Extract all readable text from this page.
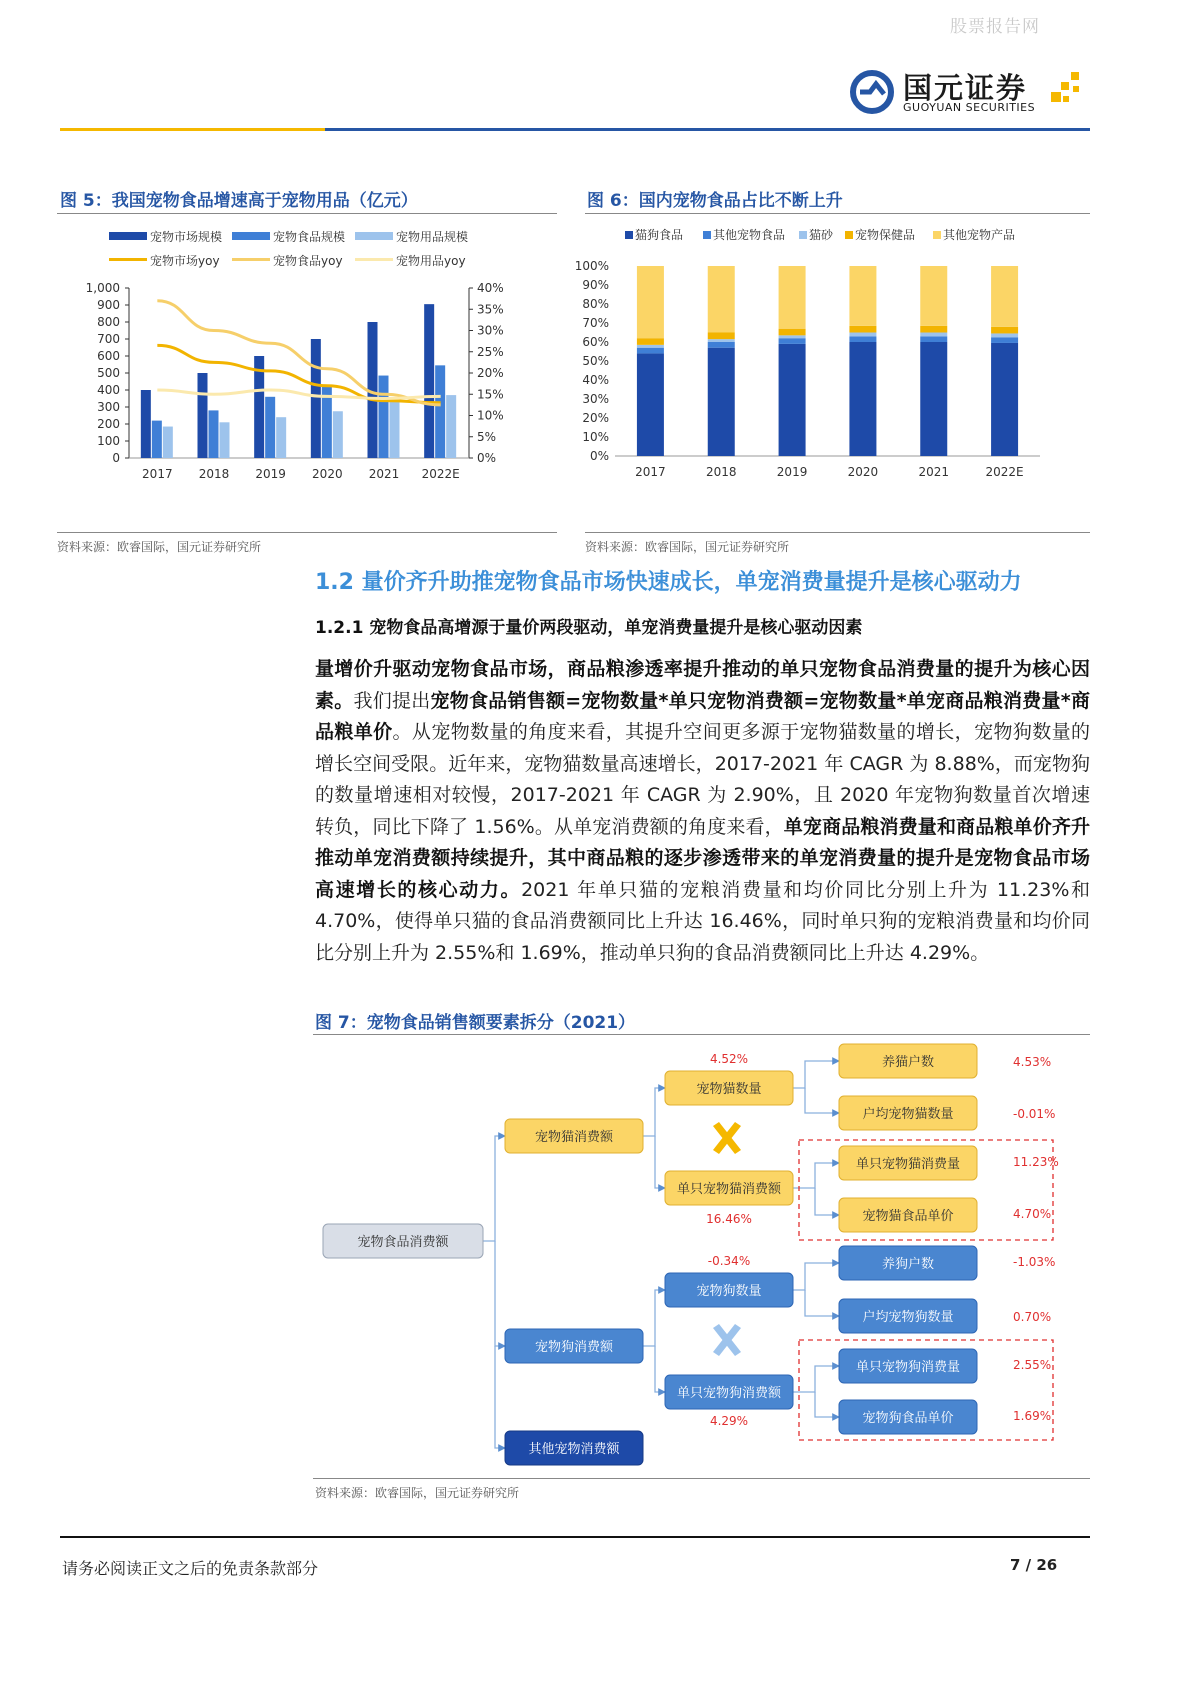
股票报告网
国元证券
GUOYUAN SECURITIES
图 5：我国宠物食品增速高于宠物用品（亿元）
宠物市场规模	宠物食品规模	宠物用品规模
宠物市场yoy	宠物食品yoy	宠物用品yoy
0
100
200
300
400
500
600
700
800
900
1,000
0%
5%
10%
15%
20%
25%
30%
35%
40%
2017 2018 2019 2020 2021 2022E
资料来源：欧睿国际，国元证券研究所
图 6：国内宠物食品占比不断上升
猫狗食品 其他宠物食品 猫砂 宠物保健品 其他宠物产品
0%
10%
20%
30%
40%
50%
60%
70%
80%
90%
100%
2017	2018	2019	2020	2021	2022E
资料来源：欧睿国际，国元证券研究所
1.2 量价齐升助推宠物食品市场快速成长，单宠消费量提升是核心驱动力
1.2.1 宠物食品高增源于量价两段驱动，单宠消费量提升是核心驱动因素
量增价升驱动宠物食品市场，商品粮渗透率提升推动的单只宠物食品消费量的提升为核心因素。我们提出宠物食品销售额=宠物数量*单只宠物消费额=宠物数量*单宠商品粮消费量*商品粮单价。从宠物数量的角度来看，其提升空间更多源于宠物猫数量的增长，宠物狗数量的增长空间受限。近年来，宠物猫数量高速增长，2017-2021 年 CAGR 为 8.88%，而宠物狗的数量增速相对较慢，2017-2021 年 CAGR 为 2.90%，且 2020 年宠物狗数量首次增速转负，同比下降了 1.56%。从单宠消费额的角度来看，单宠商品粮消费量和商品粮单价齐升推动单宠消费额持续提升，其中商品粮的逐步渗透带来的单宠消费量的提升是宠物食品市场高速增长的核心动力。2021 年单只猫的宠粮消费量和均价同比分别上升为 11.23%和 4.70%，使得单只猫的食品消费额同比上升达 16.46%，同时单只狗的宠粮消费量和均价同比分别上升为 2.55%和 1.69%，推动单只狗的食品消费额同比上升达 4.29%。
图 7：宠物食品销售额要素拆分（2021）
宠物食品消费额
宠物猫消费额
宠物狗消费额
其他宠物消费额
4.52%
宠物猫数量
单只宠物猫消费额
16.46%
-0.34%
宠物狗数量
单只宠物狗消费额
4.29%
养猫户数	4.53%
户均宠物猫数量	-0.01%
单只宠物猫消费量	11.23%
宠物猫食品单价	4.70%
养狗户数	-1.03%
户均宠物狗数量	0.70%
单只宠物狗消费量	2.55%
宠物狗食品单价	1.69%
资料来源：欧睿国际，国元证券研究所
请务必阅读正文之后的免责条款部分	7 / 26
